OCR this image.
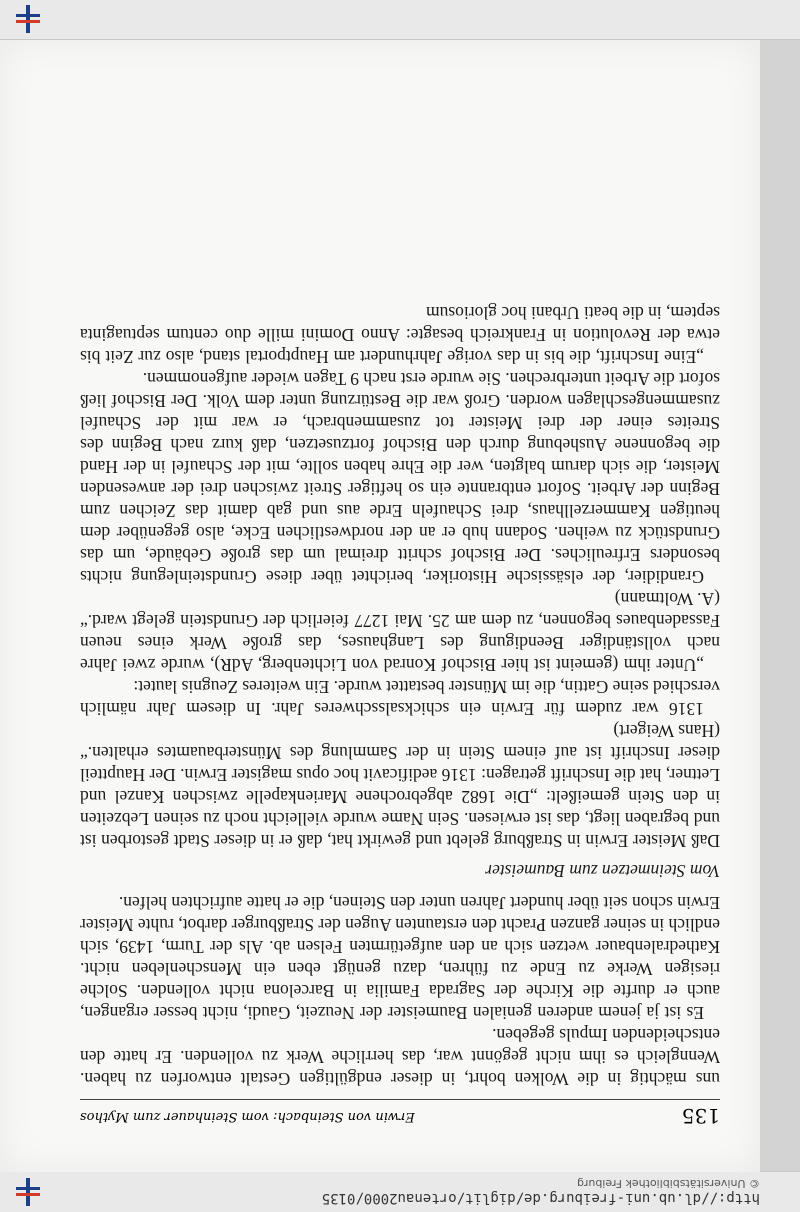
http://dl.ub.uni-freiburg.de/diglit/ortenau2000/0135
© Universitätsbibliothek Freiburg
135
Erwin von Steinbach: vom Steinhauer zum Mythos

uns mächtig in die Wolken bohrt, in dieser endgültigen Gestalt entworfen zu haben. Wenngleich es ihm nicht gegönnt war, das herrliche Werk zu vollenden. Er hatte den entscheidenden Impuls gegeben.

Es ist ja jenem anderen genialen Baumeister der Neuzeit, Gaudi, nicht besser ergangen, auch er durfte die Kirche der Sagrada Familia in Barcelona nicht vollenden. Solche riesigen Werke zu Ende zu führen, dazu genügt eben ein Menschenleben nicht. Kathedralenbauer wetzen sich an den aufgetürmten Felsen ab. Als der Turm, 1439, sich endlich in seiner ganzen Pracht den erstaunten Augen der Straßburger darbot, ruhte Meister Erwin schon seit über hundert Jahren unter den Steinen, die er hatte aufrichten helfen.

Vom Steinmetzen zum Baumeister

Daß Meister Erwin in Straßburg gelebt und gewirkt hat, daß er in dieser Stadt gestorben ist und begraben liegt, das ist erwiesen. Sein Name wurde vielleicht noch zu seinen Lebzeiten in den Stein gemeißelt: „Die 1682 abgebrochene Marienkapelle zwischen Kanzel und Lettner, hat die Inschrift getragen: 1316 aedificavit hoc opus magister Erwin. Der Hauptteil dieser Inschrift ist auf einem Stein in der Sammlung des Münsterbauamtes erhalten.“ (Hans Weigert)

1316 war zudem für Erwin ein schicksalsschweres Jahr. In diesem Jahr nämlich verschied seine Gattin, die im Münster bestattet wurde. Ein weiteres Zeugnis lautet:

„Unter ihm (gemeint ist hier Bischof Konrad von Lichtenberg, AdR), wurde zwei Jahre nach vollständiger Beendigung des Langhauses, das große Werk eines neuen Fassadenbaues begonnen, zu dem am 25. Mai 1277 feierlich der Grundstein gelegt ward.“ (A. Woltmann)

Grandidier, der elsässische Historiker, berichtet über diese Grundsteinlegung nichts besonders Erfreuliches. Der Bischof schritt dreimal um das große Gebäude, um das Grundstück zu weihen. Sodann hub er an der nordwestlichen Ecke, also gegenüber dem heutigen Kammerzellhaus, drei Schaufeln Erde aus und gab damit das Zeichen zum Beginn der Arbeit. Sofort entbrannte ein so heftiger Streit zwischen drei der anwesenden Meister, die sich darum balgten, wer die Ehre haben sollte, mit der Schaufel in der Hand die begonnene Aushebung durch den Bischof fortzusetzen, daß kurz nach Beginn des Streites einer der drei Meister tot zusammenbrach, er war mit der Schaufel zusammengeschlagen worden. Groß war die Bestürzung unter dem Volk. Der Bischof ließ sofort die Arbeit unterbrechen. Sie wurde erst nach 9 Tagen wieder aufgenommen.

„Eine Inschrift, die bis in das vorige Jahrhundert am Hauptportal stand, also zur Zeit bis etwa der Revolution in Frankreich besagte: Anno Domini mille duo centum septuaginta septem, in die beati Urbani hoc gloriosum
